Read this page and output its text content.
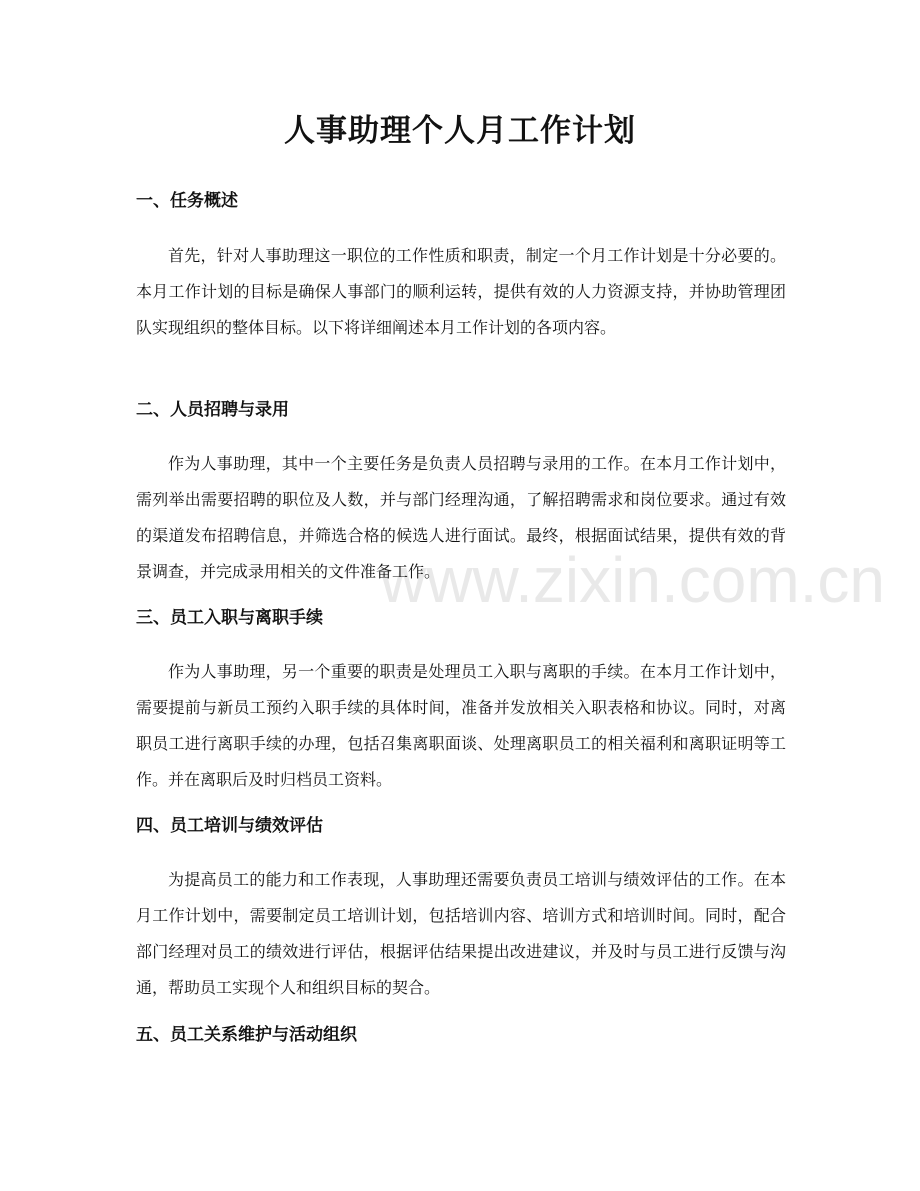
www.zixin.com.cn
人事助理个人月工作计划
一、任务概述

首先，针对人事助理这一职位的工作性质和职责，制定一个月工作计划是十分必要的。本月工作计划的目标是确保人事部门的顺利运转，提供有效的人力资源支持，并协助管理团队实现组织的整体目标。以下将详细阐述本月工作计划的各项内容。

二、人员招聘与录用

作为人事助理，其中一个主要任务是负责人员招聘与录用的工作。在本月工作计划中，需列举出需要招聘的职位及人数，并与部门经理沟通，了解招聘需求和岗位要求。通过有效的渠道发布招聘信息，并筛选合格的候选人进行面试。最终，根据面试结果，提供有效的背景调查，并完成录用相关的文件准备工作。

三、员工入职与离职手续

作为人事助理，另一个重要的职责是处理员工入职与离职的手续。在本月工作计划中，需要提前与新员工预约入职手续的具体时间，准备并发放相关入职表格和协议。同时，对离职员工进行离职手续的办理，包括召集离职面谈、处理离职员工的相关福利和离职证明等工作。并在离职后及时归档员工资料。

四、员工培训与绩效评估

为提高员工的能力和工作表现，人事助理还需要负责员工培训与绩效评估的工作。在本月工作计划中，需要制定员工培训计划，包括培训内容、培训方式和培训时间。同时，配合部门经理对员工的绩效进行评估，根据评估结果提出改进建议，并及时与员工进行反馈与沟通，帮助员工实现个人和组织目标的契合。

五、员工关系维护与活动组织
